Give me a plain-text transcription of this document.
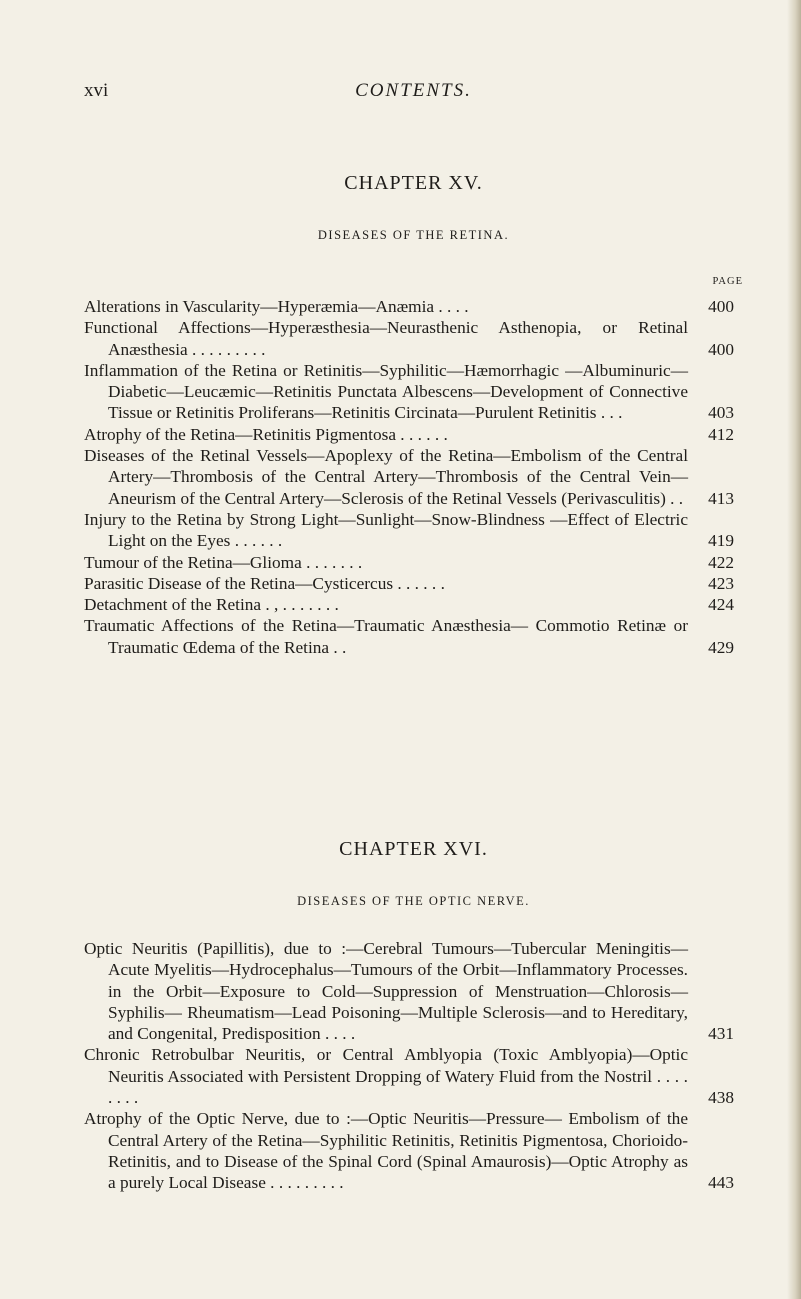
xvi	CONTENTS.
CHAPTER XV.
DISEASES OF THE RETINA.
PAGE
Alterations in Vascularity—Hyperæmia—Anæmia . . . .	400
Functional Affections—Hyperæsthesia—Neurasthenic Asthenopia, or Retinal Anæsthesia . . . . . . . . .	400
Inflammation of the Retina or Retinitis—Syphilitic—Hæmorrhagic —Albuminuric—Diabetic—Leucæmic—Retinitis Punctata Albescens—Development of Connective Tissue or Retinitis Proliferans—Retinitis Circinata—Purulent Retinitis . . .	403
Atrophy of the Retina—Retinitis Pigmentosa . . . . . .	412
Diseases of the Retinal Vessels—Apoplexy of the Retina—Embolism of the Central Artery—Thrombosis of the Central Artery—Thrombosis of the Central Vein—Aneurism of the Central Artery—Sclerosis of the Retinal Vessels (Perivasculitis) . .	413
Injury to the Retina by Strong Light—Sunlight—Snow-Blindness —Effect of Electric Light on the Eyes . . . . . .	419
Tumour of the Retina—Glioma . . . . . . .	422
Parasitic Disease of the Retina—Cysticercus . . . . . .	423
Detachment of the Retina . , . . . . . . .	424
Traumatic Affections of the Retina—Traumatic Anæsthesia— Commotio Retinæ or Traumatic Œdema of the Retina . .	429
CHAPTER XVI.
DISEASES OF THE OPTIC NERVE.
Optic Neuritis (Papillitis), due to :—Cerebral Tumours—Tubercular Meningitis—Acute Myelitis—Hydrocephalus—Tumours of the Orbit—Inflammatory Processes. in the Orbit—Exposure to Cold—Suppression of Menstruation—Chlorosis—Syphilis— Rheumatism—Lead Poisoning—Multiple Sclerosis—and to Hereditary, and Congenital, Predisposition . . . .	431
Chronic Retrobulbar Neuritis, or Central Amblyopia (Toxic Amblyopia)—Optic Neuritis Associated with Persistent Dropping of Watery Fluid from the Nostril . . . . . . . .	438
Atrophy of the Optic Nerve, due to :—Optic Neuritis—Pressure— Embolism of the Central Artery of the Retina—Syphilitic Retinitis, Retinitis Pigmentosa, Chorioido-Retinitis, and to Disease of the Spinal Cord (Spinal Amaurosis)—Optic Atrophy as a purely Local Disease . . . . . . . . .	443
